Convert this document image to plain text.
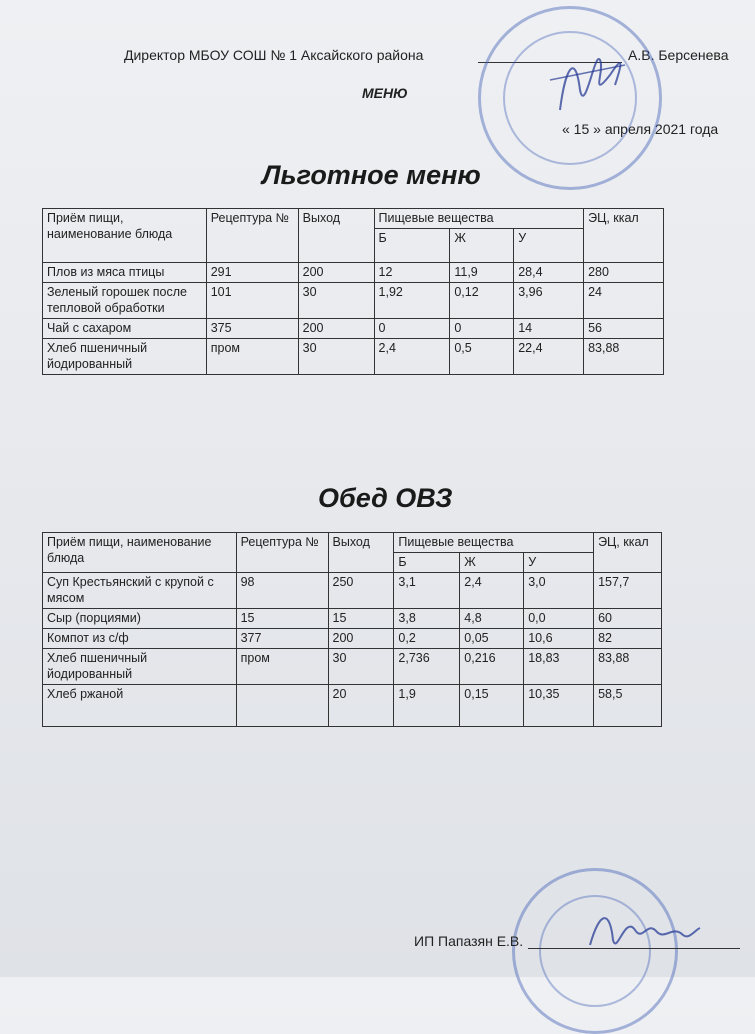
Директор МБОУ СОШ № 1 Аксайского района	А.В. Берсенева
МЕНЮ
« 15 » апреля 2021 года
Льготное меню
Приём пищи, наименование блюда	Рецептура №	Выход	Пищевые вещества			ЭЦ, ккал
			Б	Ж	У	
Плов из мяса птицы	291	200	12	11,9	28,4	280
Зеленый горошек после тепловой обработки	101	30	1,92	0,12	3,96	24
Чай с сахаром	375	200	0	0	14	56
Хлеб пшеничный йодированный	пром	30	2,4	0,5	22,4	83,88
Обед ОВЗ
Приём пищи, наименование блюда	Рецептура №	Выход	Пищевые вещества			ЭЦ, ккал
			Б	Ж	У	
Суп Крестьянский с крупой с мясом	98	250	3,1	2,4	3,0	157,7
Сыр (порциями)	15	15	3,8	4,8	0,0	60
Компот из с/ф	377	200	0,2	0,05	10,6	82
Хлеб пшеничный йодированный	пром	30	2,736	0,216	18,83	83,88
Хлеб ржаной		20	1,9	0,15	10,35	58,5
ИП Папазян Е.В.
